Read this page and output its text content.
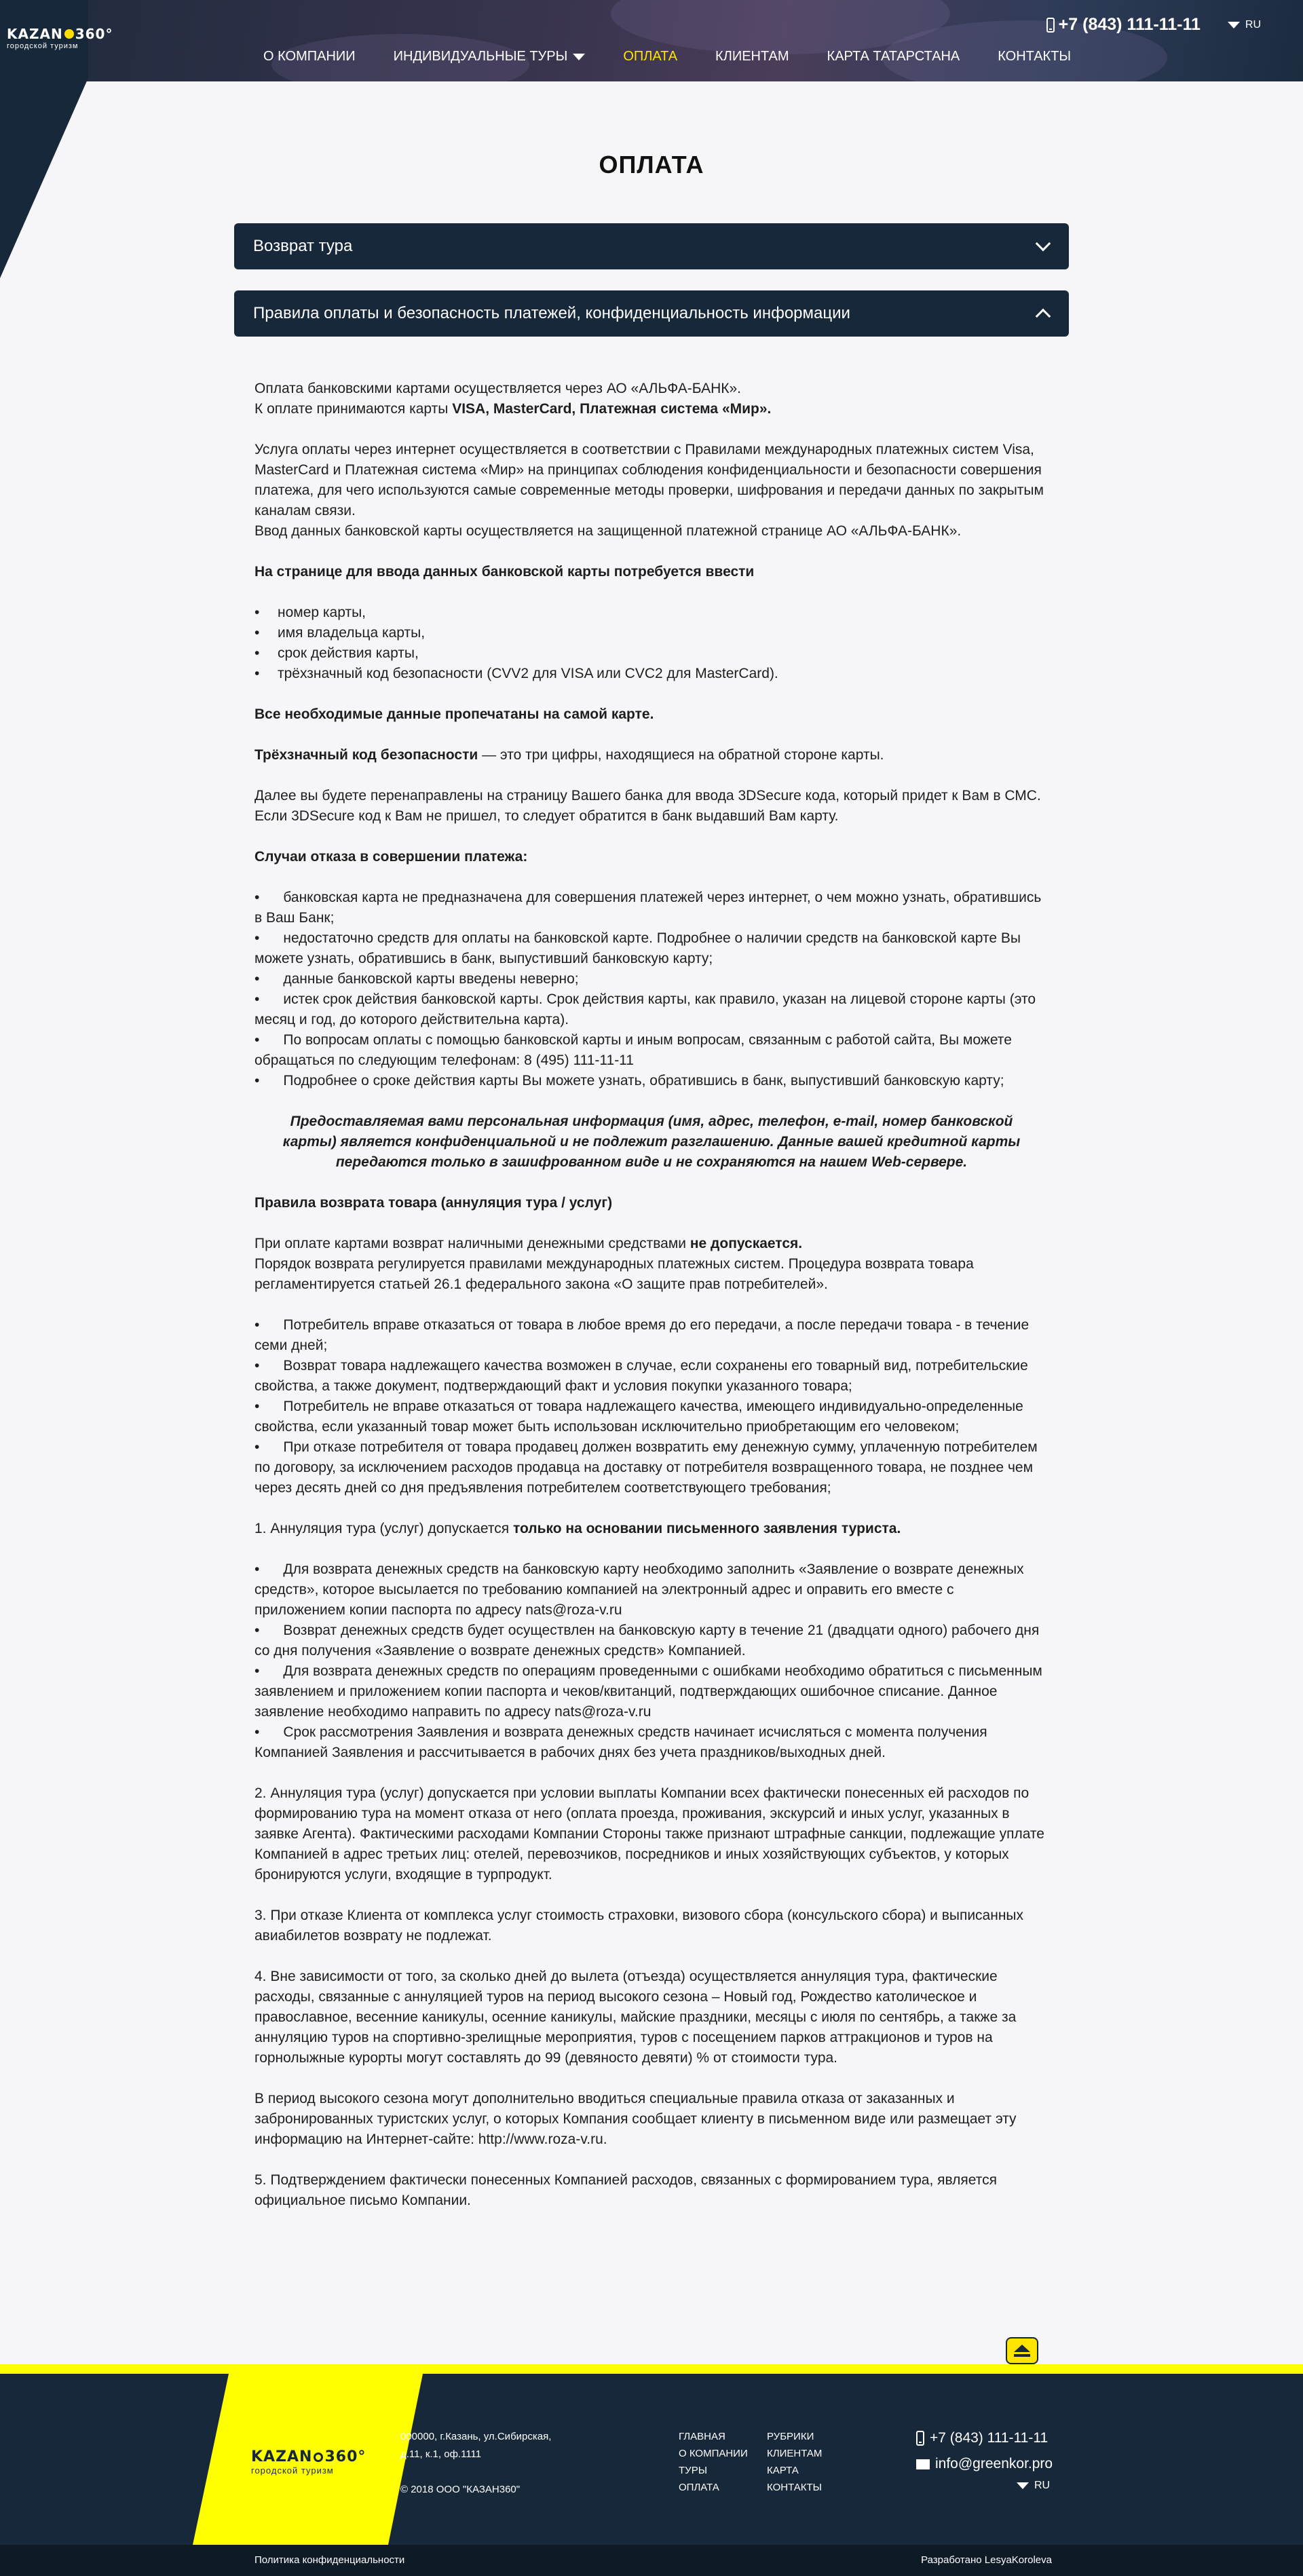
+7 (843) 111-11-11	RU
О КОМПАНИИ	ИНДИВИДУАЛЬНЫЕ ТУРЫ	ОПЛАТА	КЛИЕНТАМ	КАРТА ТАТАРСТАНА	КОНТАКТЫ
KAZAN 360°
городской туризм
ОПЛАТА
Возврат тура
Правила оплаты и безопасность платежей, конфиденциальность информации

Оплата банковскими картами осуществляется через АО «АЛЬФА-БАНК».

К оплате принимаются карты VISA, MasterCard, Платежная система «Мир».

Услуга оплаты через интернет осуществляется в соответствии с Правилами международных платежных систем Visa, MasterCard и Платежная система «Мир» на принципах соблюдения конфиденциальности и безопасности совершения платежа, для чего используются самые современные методы проверки, шифрования и передачи данных по закрытым каналам связи.

Ввод данных банковской карты осуществляется на защищенной платежной странице АО «АЛЬФА-БАНК».

На странице для ввода данных банковской карты потребуется ввести

•	номер карты,
•	имя владельца карты,
•	срок действия карты,
•	трёхзначный код безопасности (CVV2 для VISA или CVC2 для MasterCard).

Все необходимые данные пропечатаны на самой карте.

Трёхзначный код безопасности — это три цифры, находящиеся на обратной стороне карты.

Далее вы будете перенаправлены на страницу Вашего банка для ввода 3DSecure кода, который придет к Вам в СМС.

Если 3DSecure код к Вам не пришел, то следует обратится в банк выдавший Вам карту.

Случаи отказа в совершении платежа:

•      банковская карта не предназначена для совершения платежей через интернет, о чем можно узнать, обратившись в Ваш Банк;

•      недостаточно средств для оплаты на банковской карте. Подробнее о наличии средств на банковской карте Вы можете узнать, обратившись в банк, выпустивший банковскую карту;

•      данные банковской карты введены неверно;

•      истек срок действия банковской карты. Срок действия карты, как правило, указан на лицевой стороне карты (это месяц и год, до которого действительна карта).

•      По вопросам оплаты с помощью банковской карты и иным вопросам, связанным с работой сайта, Вы можете обращаться по следующим телефонам: 8 (495) 111-11-11

•      Подробнее о сроке действия карты Вы можете узнать, обратившись в банк, выпустивший банковскую карту;

Предоставляемая вами персональная информация (имя, адрес, телефон, e-mail, номер банковской карты) является конфиденциальной и не подлежит разглашению. Данные вашей кредитной карты передаются только в зашифрованном виде и не сохраняются на нашем Web-сервере.

Правила возврата товара (аннуляция тура / услуг)

При оплате картами возврат наличными денежными средствами не допускается.

Порядок возврата регулируется правилами международных платежных систем. Процедура возврата товара регламентируется статьей 26.1 федерального закона «О защите прав потребителей».

•      Потребитель вправе отказаться от товара в любое время до его передачи, а после передачи товара - в течение семи дней;

•      Возврат товара надлежащего качества возможен в случае, если сохранены его товарный вид, потребительские свойства, а также документ, подтверждающий факт и условия покупки указанного товара;

•      Потребитель не вправе отказаться от товара надлежащего качества, имеющего индивидуально-определенные свойства, если указанный товар может быть использован исключительно приобретающим его человеком;

•      При отказе потребителя от товара продавец должен возвратить ему денежную сумму, уплаченную потребителем по договору, за исключением расходов продавца на доставку от потребителя возвращенного товара, не позднее чем через десять дней со дня предъявления потребителем соответствующего требования;

1. Аннуляция тура (услуг) допускается только на основании письменного заявления туриста.

•      Для возврата денежных средств на банковскую карту необходимо заполнить «Заявление о возврате денежных средств», которое высылается по требованию компанией на электронный адрес и оправить его вместе с приложением копии паспорта по адресу nats@roza-v.ru

•      Возврат денежных средств будет осуществлен на банковскую карту в течение 21 (двадцати одного) рабочего дня со дня получения «Заявление о возврате денежных средств» Компанией.

•      Для возврата денежных средств по операциям проведенными с ошибками необходимо обратиться с письменным заявлением и приложением копии паспорта и чеков/квитанций, подтверждающих ошибочное списание. Данное заявление необходимо направить по адресу nats@roza-v.ru

•      Срок рассмотрения Заявления и возврата денежных средств начинает исчисляться с момента получения Компанией Заявления и рассчитывается в рабочих днях без учета праздников/выходных дней.

2. Аннуляция тура (услуг) допускается при условии выплаты Компании всех фактически понесенных ей расходов по формированию тура на момент отказа от него (оплата проезда, проживания, экскурсий и иных услуг, указанных в заявке Агента). Фактическими расходами Компании Стороны также признают штрафные санкции, подлежащие уплате Компанией в адрес третьих лиц: отелей, перевозчиков, посредников и иных хозяйствующих субъектов, у которых бронируются услуги, входящие в турпродукт.

3. При отказе Клиента от комплекса услуг стоимость страховки, визового сбора (консульского сбора) и выписанных авиабилетов возврату не подлежат.

4. Вне зависимости от того, за сколько дней до вылета (отъезда) осуществляется аннуляция тура, фактические расходы, связанные с аннуляцией туров на период высокого сезона – Новый год, Рождество католическое и православное, весенние каникулы, осенние каникулы, майские праздники, месяцы с июля по сентябрь, а также за аннуляцию туров на спортивно-зрелищные мероприятия, туров с посещением парков аттракционов и туров на горнолыжные курорты могут составлять до 99 (девяносто девяти) % от стоимости тура.

В период высокого сезона могут дополнительно вводиться специальные правила отказа от заказанных и забронированных туристских услуг, о которых Компания сообщает клиенту в письменном виде или размещает эту информацию на Интернет-сайте: http://www.roza-v.ru.

5. Подтверждением фактически понесенных Компанией расходов, связанных с формированием тура, является официальное письмо Компании.

KAZAN 360°
городской туризм
000000, г.Казань, ул.Сибирская,
д.11, к.1, оф.1111
© 2018 ООО "КАЗАН360"
ГЛАВНАЯ
О КОМПАНИИ
ТУРЫ
ОПЛАТА
РУБРИКИ
КЛИЕНТАМ
КАРТА
КОНТАКТЫ
+7 (843) 111-11-11
info@greenkor.pro
RU
Политика конфиденциальности	Разработано LesyaKoroleva
